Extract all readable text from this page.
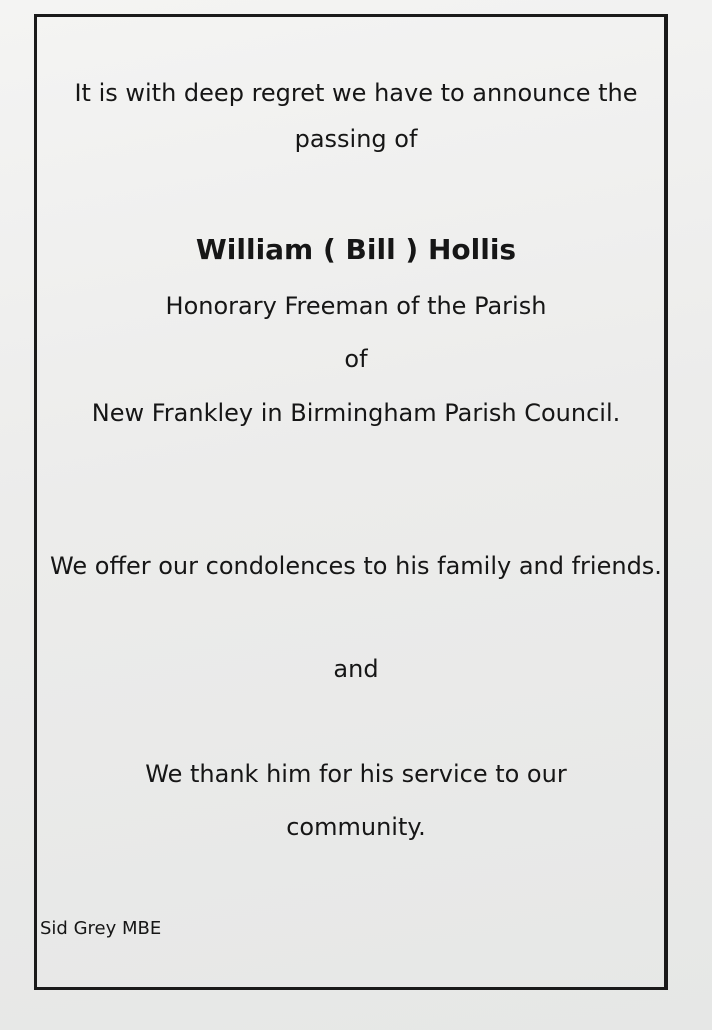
It is with deep regret we have to announce the
passing of
William ( Bill ) Hollis
Honorary Freeman of the Parish
of
New Frankley in Birmingham Parish Council.
We offer our condolences to his family and friends.
and
We thank him for his service to our
community.
Sid Grey MBE
